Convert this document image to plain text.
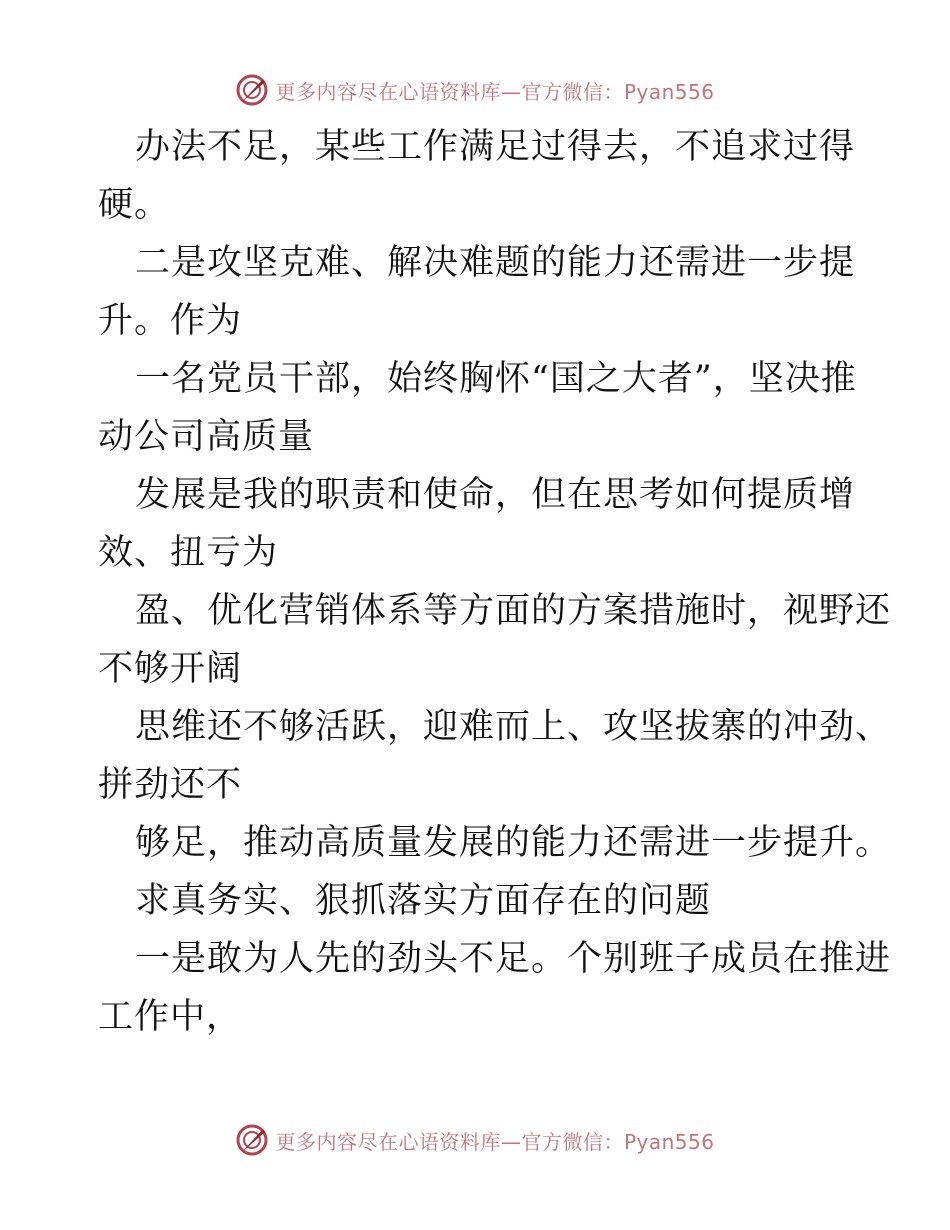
更多内容尽在心语资料库—官方微信：Pyan556
办法不足，某些工作满足过得去，不追求过得
硬。
二是攻坚克难、解决难题的能力还需进一步提
升。作为
一名党员干部，始终胸怀“国之大者”，坚决推
动公司高质量
发展是我的职责和使命，但在思考如何提质增
效、扭亏为
盈、优化营销体系等方面的方案措施时，视野还
不够开阔
思维还不够活跃，迎难而上、攻坚拔寨的冲劲、
拼劲还不
够足，推动高质量发展的能力还需进一步提升。
求真务实、狠抓落实方面存在的问题
一是敢为人先的劲头不足。个别班子成员在推进
工作中，
更多内容尽在心语资料库—官方微信：Pyan556
